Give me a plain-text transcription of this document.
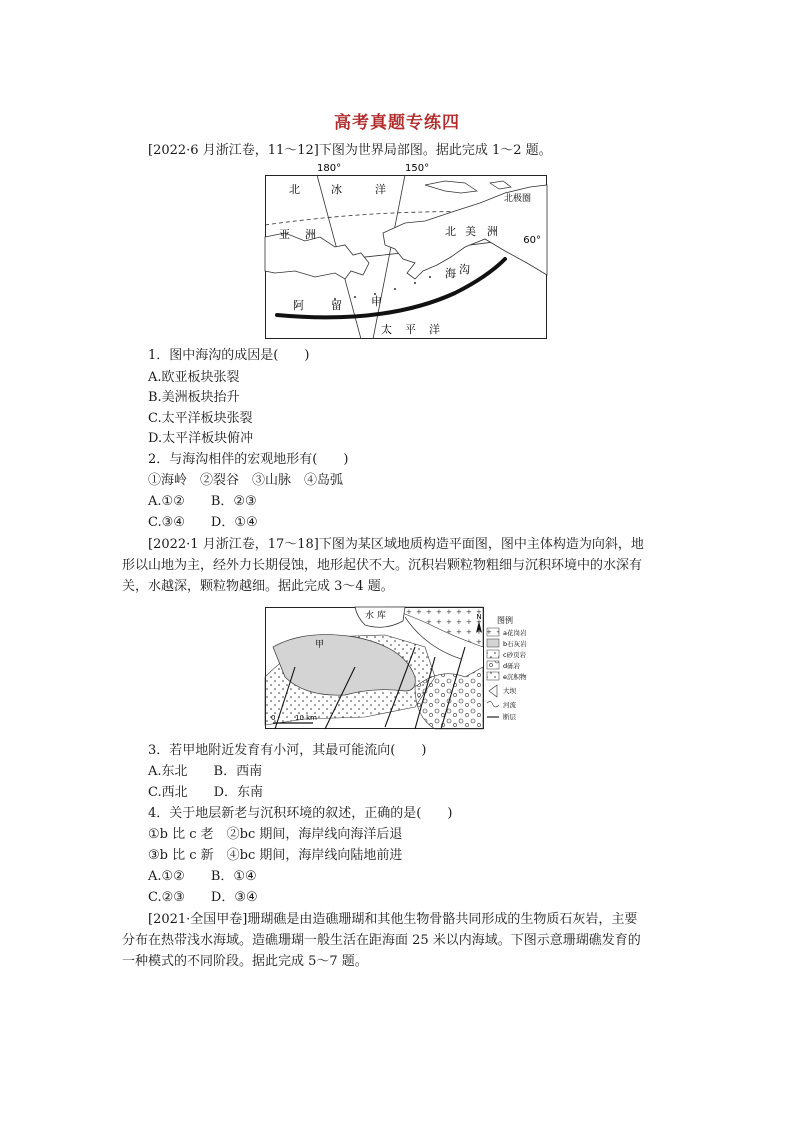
高考真题专练四
[2022·6 月浙江卷，11～12]下图为世界局部图。据此完成 1～2 题。
180°	150°
北	冰	洋
北极圈
亚 洲	北 美 洲
60°
海 沟
阿 留	申
太 平 洋
1．图中海沟的成因是(　　)
A.欧亚板块张裂
B.美洲板块抬升
C.太平洋板块张裂
D.太平洋板块俯冲
2．与海沟相伴的宏观地形有(　　)
①海岭　②裂谷　③山脉　④岛弧
A.①②　　B．②③
C.③④　　D．①④
[2022·1 月浙江卷，17～18]下图为某区域地质构造平面图，图中主体构造为向斜，地
形以山地为主，经外力长期侵蚀，地形起伏不大。沉积岩颗粒物粗细与沉积环境中的水深有
关，水越深，颗粒物越细。据此完成 3～4 题。
水 库
甲
N
0	10 km
图例
a花岗岩
b石灰岩
c砂页岩
d砾岩
e沉积物
大坝
河流
断层
3．若甲地附近发育有小河，其最可能流向(　　)
A.东北　　B．西南
C.西北　　D．东南
4．关于地层新老与沉积环境的叙述，正确的是(　　)
①b 比 c 老　②bc 期间，海岸线向海洋后退
③b 比 c 新　④bc 期间，海岸线向陆地前进
A.①②　　B．①④
C.②③　　D．③④
[2021·全国甲卷]珊瑚礁是由造礁珊瑚和其他生物骨骼共同形成的生物质石灰岩，主要
分布在热带浅水海域。造礁珊瑚一般生活在距海面 25 米以内海域。下图示意珊瑚礁发育的
一种模式的不同阶段。据此完成 5～7 题。
